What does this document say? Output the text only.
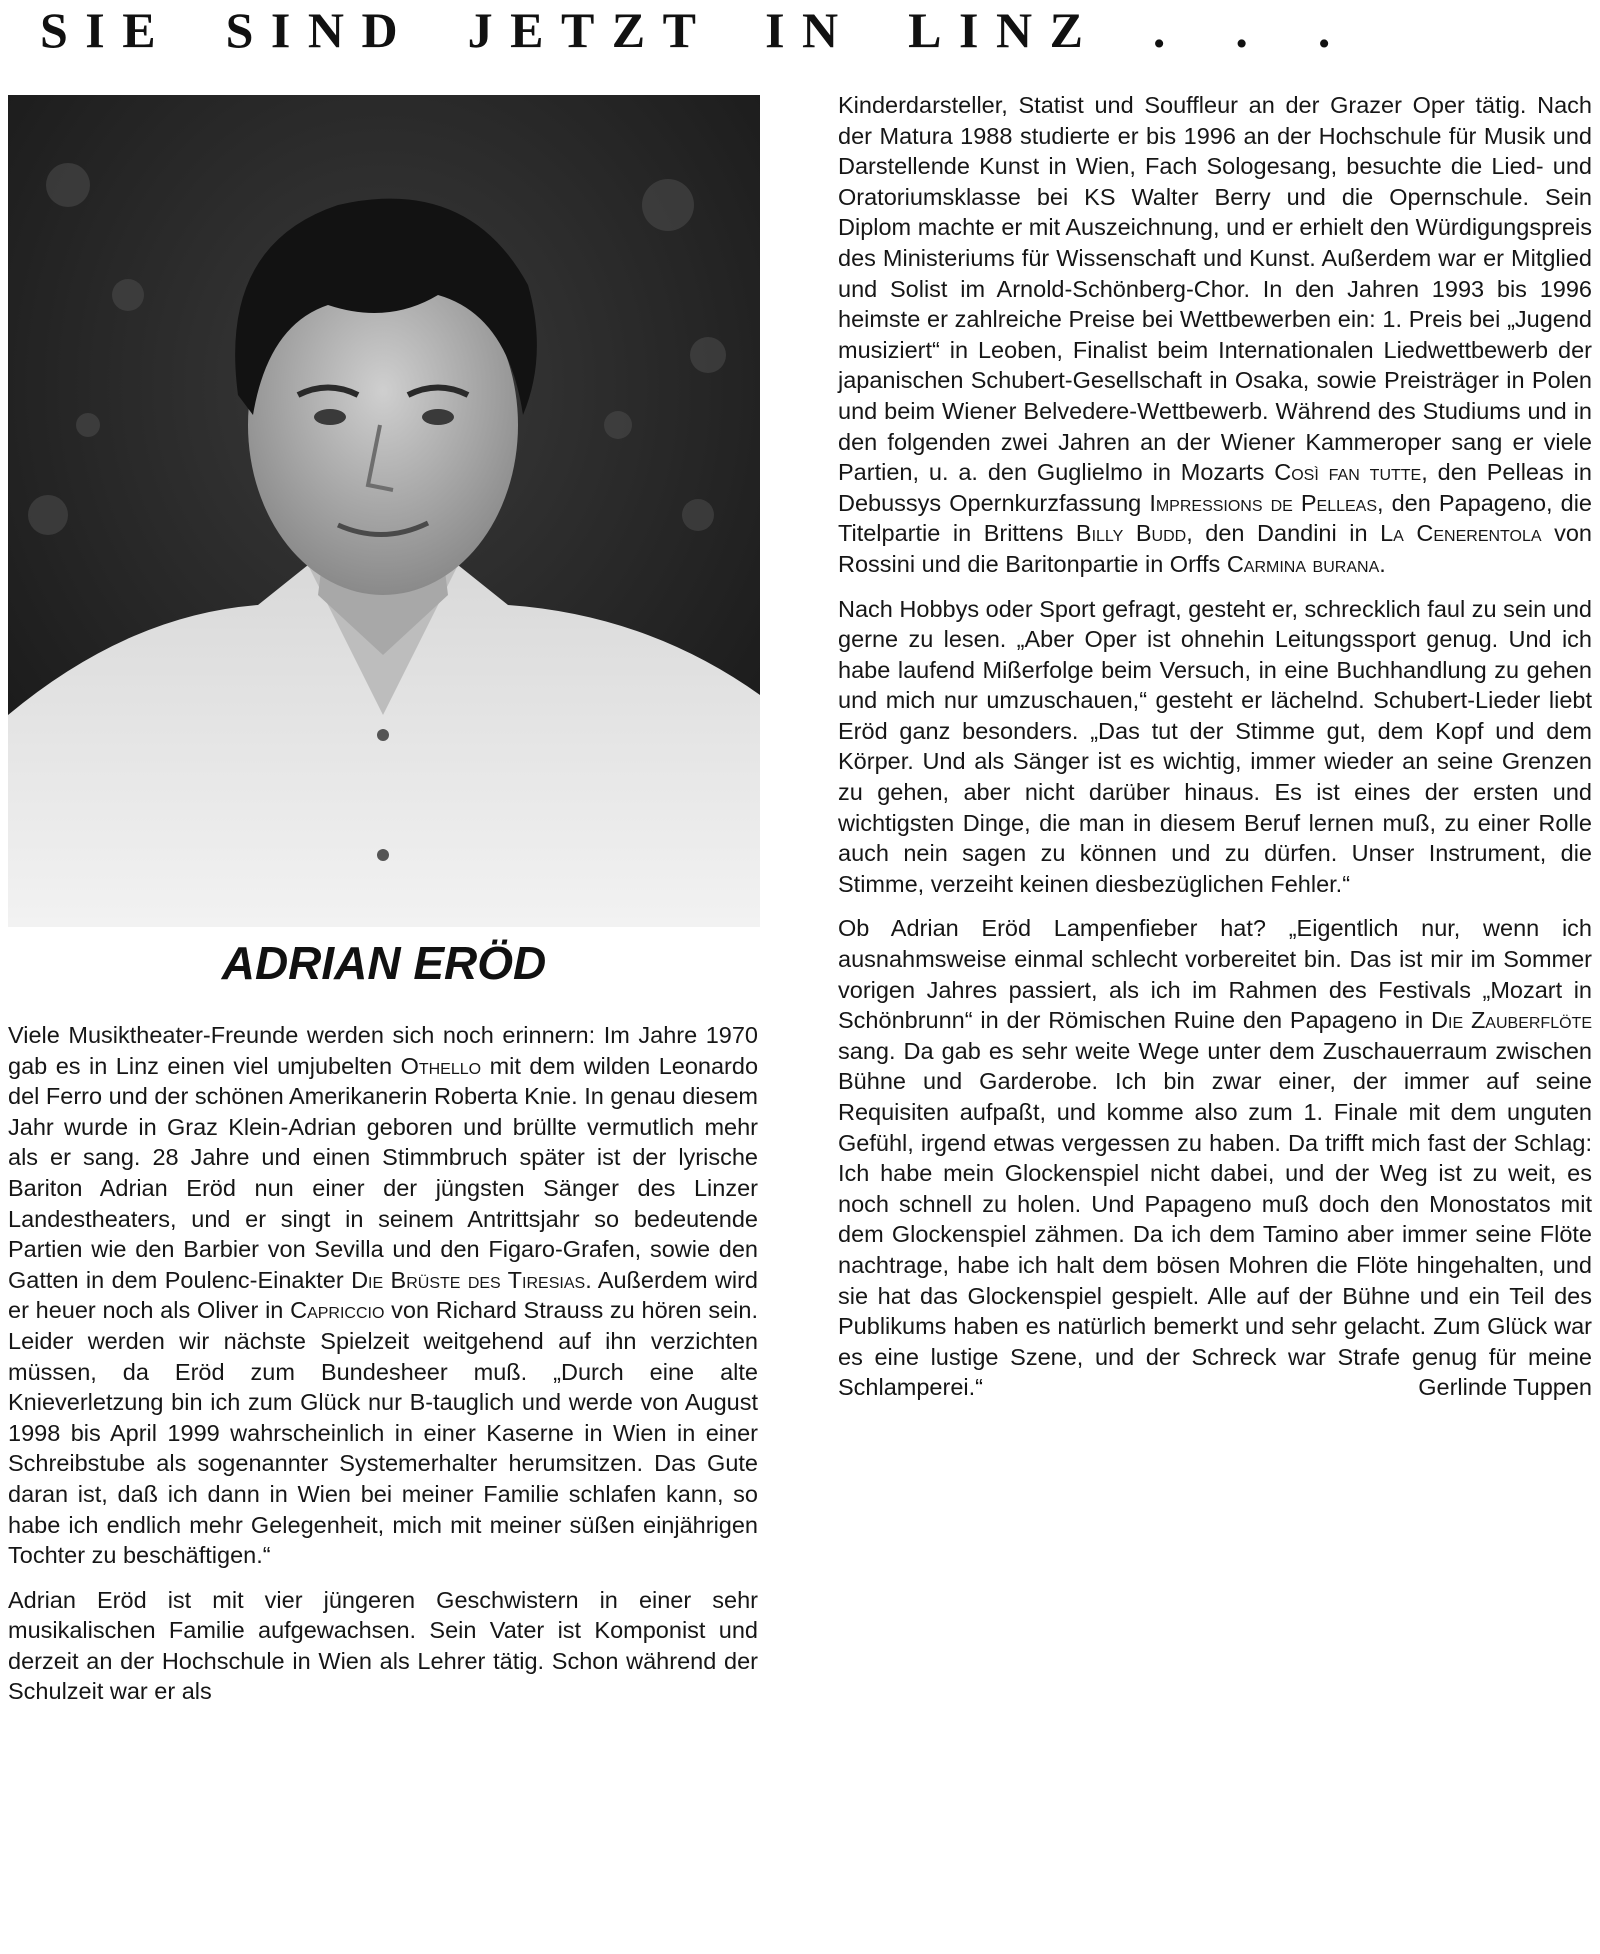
SIE SIND JETZT IN LINZ . . .
ADRIAN ERÖD

Viele Musiktheater-Freunde werden sich noch erinnern: Im Jahre 1970 gab es in Linz einen viel umjubelten Othello mit dem wilden Leonardo del Ferro und der schönen Amerikanerin Roberta Knie. In genau diesem Jahr wurde in Graz Klein-Adrian geboren und brüllte vermutlich mehr als er sang. 28 Jahre und einen Stimmbruch später ist der lyrische Bariton Adrian Eröd nun einer der jüngsten Sänger des Linzer Landestheaters, und er singt in seinem Antrittsjahr so bedeutende Partien wie den Barbier von Sevilla und den Figaro-Grafen, sowie den Gatten in dem Poulenc-Einakter Die Brüste des Tiresias. Außerdem wird er heuer noch als Oliver in Capriccio von Richard Strauss zu hören sein. Leider werden wir nächste Spielzeit weitgehend auf ihn verzichten müssen, da Eröd zum Bundesheer muß. „Durch eine alte Knieverletzung bin ich zum Glück nur B-tauglich und werde von August 1998 bis April 1999 wahrscheinlich in einer Kaserne in Wien in einer Schreibstube als sogenannter Systemerhalter herumsitzen. Das Gute daran ist, daß ich dann in Wien bei meiner Familie schlafen kann, so habe ich endlich mehr Gelegenheit, mich mit meiner süßen einjährigen Tochter zu beschäftigen.“

Adrian Eröd ist mit vier jüngeren Geschwistern in einer sehr musikalischen Familie aufgewachsen. Sein Vater ist Komponist und derzeit an der Hochschule in Wien als Lehrer tätig. Schon während der Schulzeit war er als

Kinderdarsteller, Statist und Souffleur an der Grazer Oper tätig. Nach der Matura 1988 studierte er bis 1996 an der Hochschule für Musik und Darstellende Kunst in Wien, Fach Sologesang, besuchte die Lied- und Oratoriumsklasse bei KS Walter Berry und die Opernschule. Sein Diplom machte er mit Auszeichnung, und er erhielt den Würdigungspreis des Ministeriums für Wissenschaft und Kunst. Außerdem war er Mitglied und Solist im Arnold-Schönberg-Chor. In den Jahren 1993 bis 1996 heimste er zahlreiche Preise bei Wettbewerben ein: 1. Preis bei „Jugend musiziert“ in Leoben, Finalist beim Internationalen Liedwettbewerb der japanischen Schubert-Gesellschaft in Osaka, sowie Preisträger in Polen und beim Wiener Belvedere-Wettbewerb. Während des Studiums und in den folgenden zwei Jahren an der Wiener Kammeroper sang er viele Partien, u. a. den Guglielmo in Mozarts Così fan tutte, den Pelleas in Debussys Opernkurzfassung Impressions de Pelleas, den Papageno, die Titelpartie in Brittens Billy Budd, den Dandini in La Cenerentola von Rossini und die Baritonpartie in Orffs Carmina burana.

Nach Hobbys oder Sport gefragt, gesteht er, schrecklich faul zu sein und gerne zu lesen. „Aber Oper ist ohnehin Leitungssport genug. Und ich habe laufend Mißerfolge beim Versuch, in eine Buchhandlung zu gehen und mich nur umzuschauen,“ gesteht er lächelnd. Schubert-Lieder liebt Eröd ganz besonders. „Das tut der Stimme gut, dem Kopf und dem Körper. Und als Sänger ist es wichtig, immer wieder an seine Grenzen zu gehen, aber nicht darüber hinaus. Es ist eines der ersten und wichtigsten Dinge, die man in diesem Beruf lernen muß, zu einer Rolle auch nein sagen zu können und zu dürfen. Unser Instrument, die Stimme, verzeiht keinen diesbezüglichen Fehler.“

Ob Adrian Eröd Lampenfieber hat? „Eigentlich nur, wenn ich ausnahmsweise einmal schlecht vorbereitet bin. Das ist mir im Sommer vorigen Jahres passiert, als ich im Rahmen des Festivals „Mozart in Schönbrunn“ in der Römischen Ruine den Papageno in Die Zauberflöte sang. Da gab es sehr weite Wege unter dem Zuschauerraum zwischen Bühne und Garderobe. Ich bin zwar einer, der immer auf seine Requisiten aufpaßt, und komme also zum 1. Finale mit dem unguten Gefühl, irgend etwas vergessen zu haben. Da trifft mich fast der Schlag: Ich habe mein Glockenspiel nicht dabei, und der Weg ist zu weit, es noch schnell zu holen. Und Papageno muß doch den Monostatos mit dem Glockenspiel zähmen. Da ich dem Tamino aber immer seine Flöte nachtrage, habe ich halt dem bösen Mohren die Flöte hingehalten, und sie hat das Glockenspiel gespielt. Alle auf der Bühne und ein Teil des Publikums haben es natürlich bemerkt und sehr gelacht. Zum Glück war es eine lustige Szene, und der Schreck war Strafe genug für meine Schlamperei.“	Gerlinde Tuppen
